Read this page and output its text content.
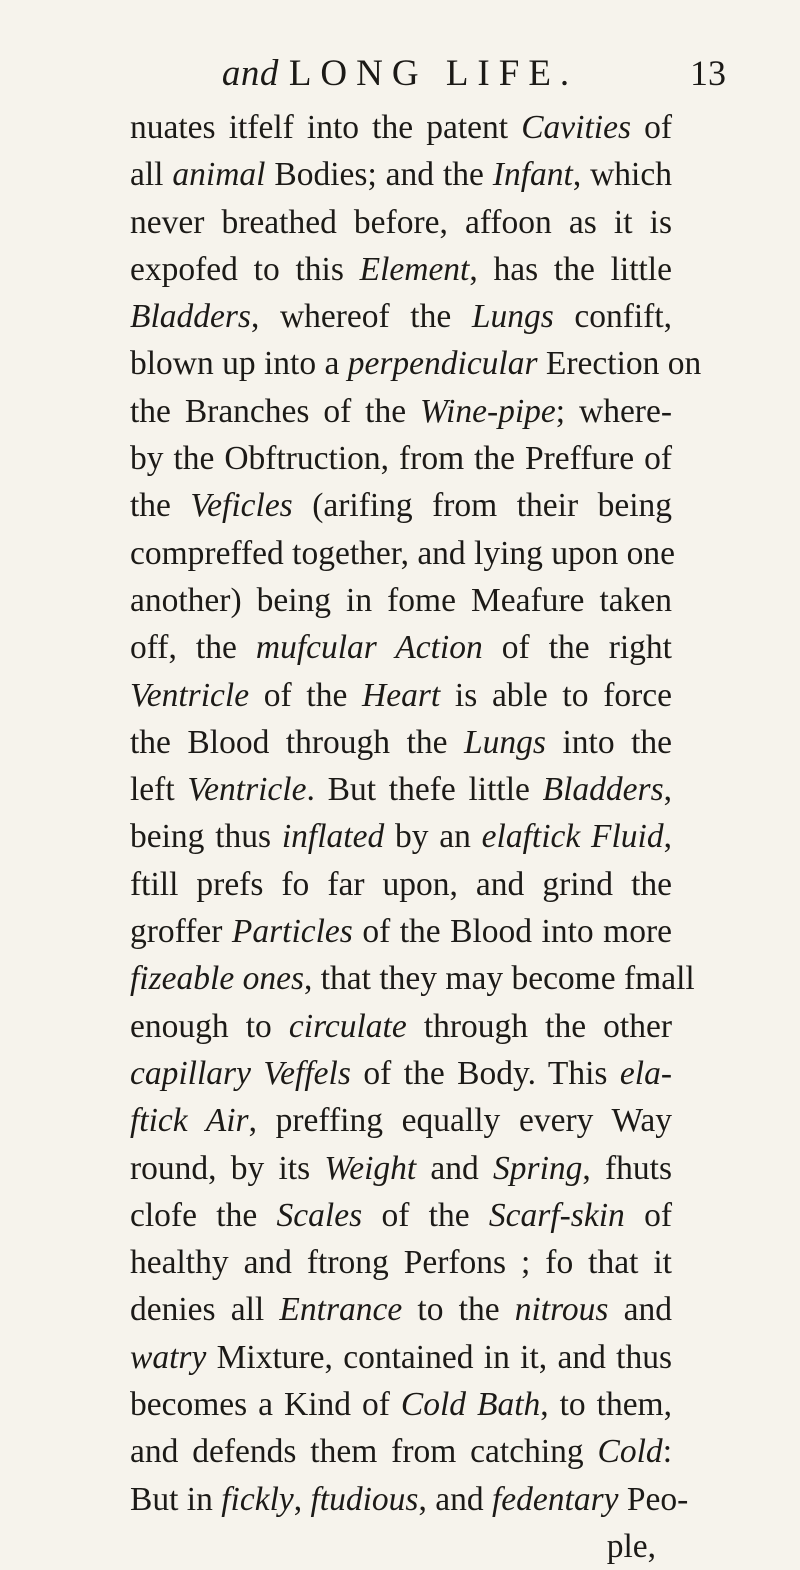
and LONG LIFE.	13
nuates itfelf into the patent Cavities of
all animal Bodies; and the Infant, which
never breathed before, affoon as it is
expofed to this Element, has the little
Bladders, whereof the Lungs confift,
blown up into a perpendicular Erection on
the Branches of the Wine-pipe; where-
by the Obftruction, from the Preffure of
the Veficles (arifing from their being
compreffed together, and lying upon one
another) being in fome Meafure taken
off, the mufcular Action of the right
Ventricle of the Heart is able to force
the Blood through the Lungs into the
left Ventricle. But thefe little Bladders,
being thus inflated by an elaftick Fluid,
ftill prefs fo far upon, and grind the
groffer Particles of the Blood into more
fizeable ones, that they may become fmall
enough to circulate through the other
capillary Veffels of the Body. This ela-
ftick Air, preffing equally every Way
round, by its Weight and Spring, fhuts
clofe the Scales of the Scarf-skin of
healthy and ftrong Perfons ; fo that it
denies all Entrance to the nitrous and
watry Mixture, contained in it, and thus
becomes a Kind of Cold Bath, to them,
and defends them from catching Cold:
But in fickly, ftudious, and fedentary Peo-
ple,
